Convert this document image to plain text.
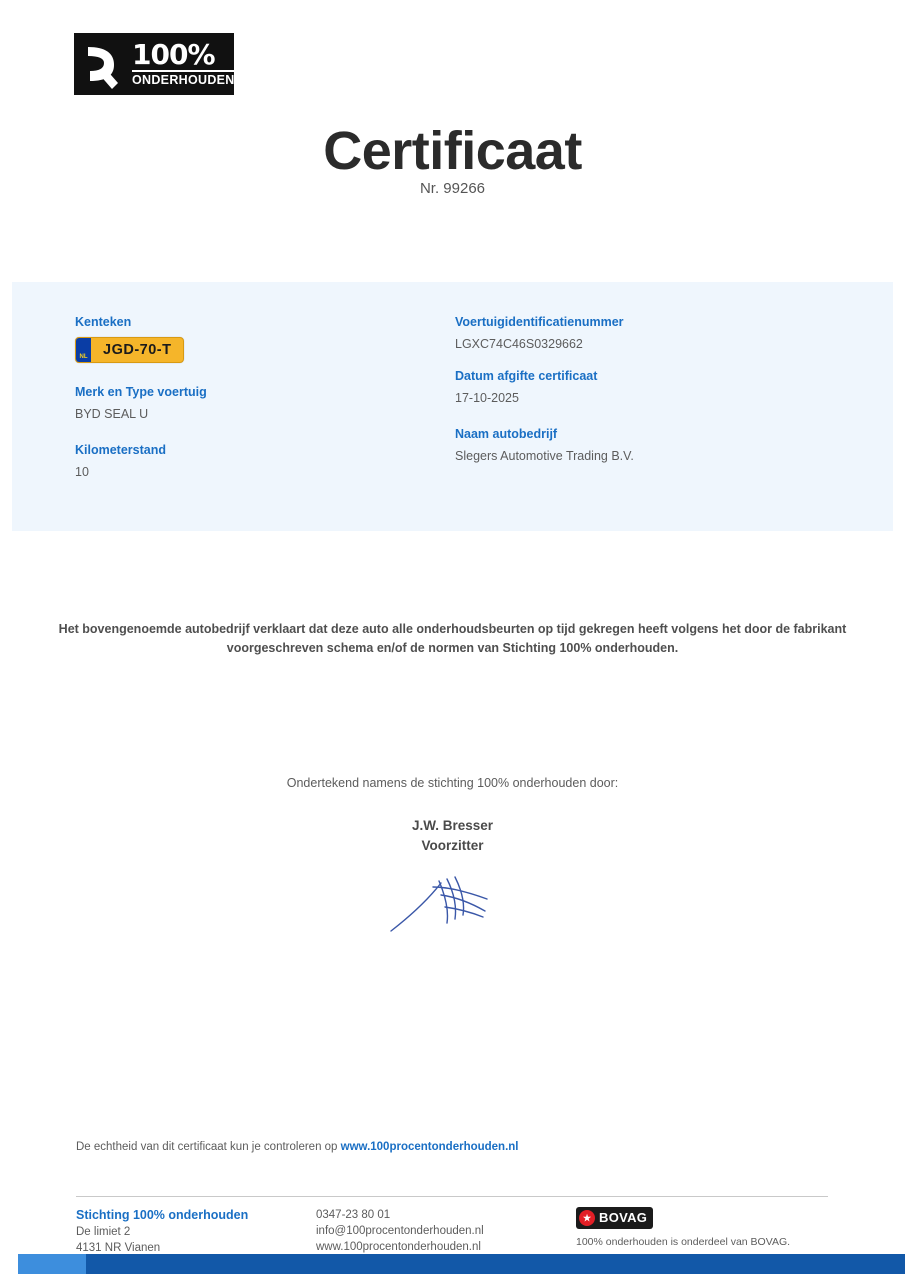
100%
ONDERHOUDEN
Certificaat
Nr. 99266
Kenteken
NL	JGD-70-T
Merk en Type voertuig
BYD SEAL U
Kilometerstand
10
Voertuigidentificatienummer
LGXC74C46S0329662
Datum afgifte certificaat
17-10-2025
Naam autobedrijf
Slegers Automotive Trading B.V.
Het bovengenoemde autobedrijf verklaart dat deze auto alle onderhoudsbeurten op tijd gekregen heeft volgens het door de fabrikant
voorgeschreven schema en/of de normen van Stichting 100% onderhouden.
Ondertekend namens de stichting 100% onderhouden door:
J.W. Bresser
Voorzitter
De echtheid van dit certificaat kun je controleren op www.100procentonderhouden.nl
Stichting 100% onderhouden
De limiet 2
4131 NR Vianen
0347-23 80 01
info@100procentonderhouden.nl
www.100procentonderhouden.nl
★ BOVAG
100% onderhouden is onderdeel van BOVAG.
